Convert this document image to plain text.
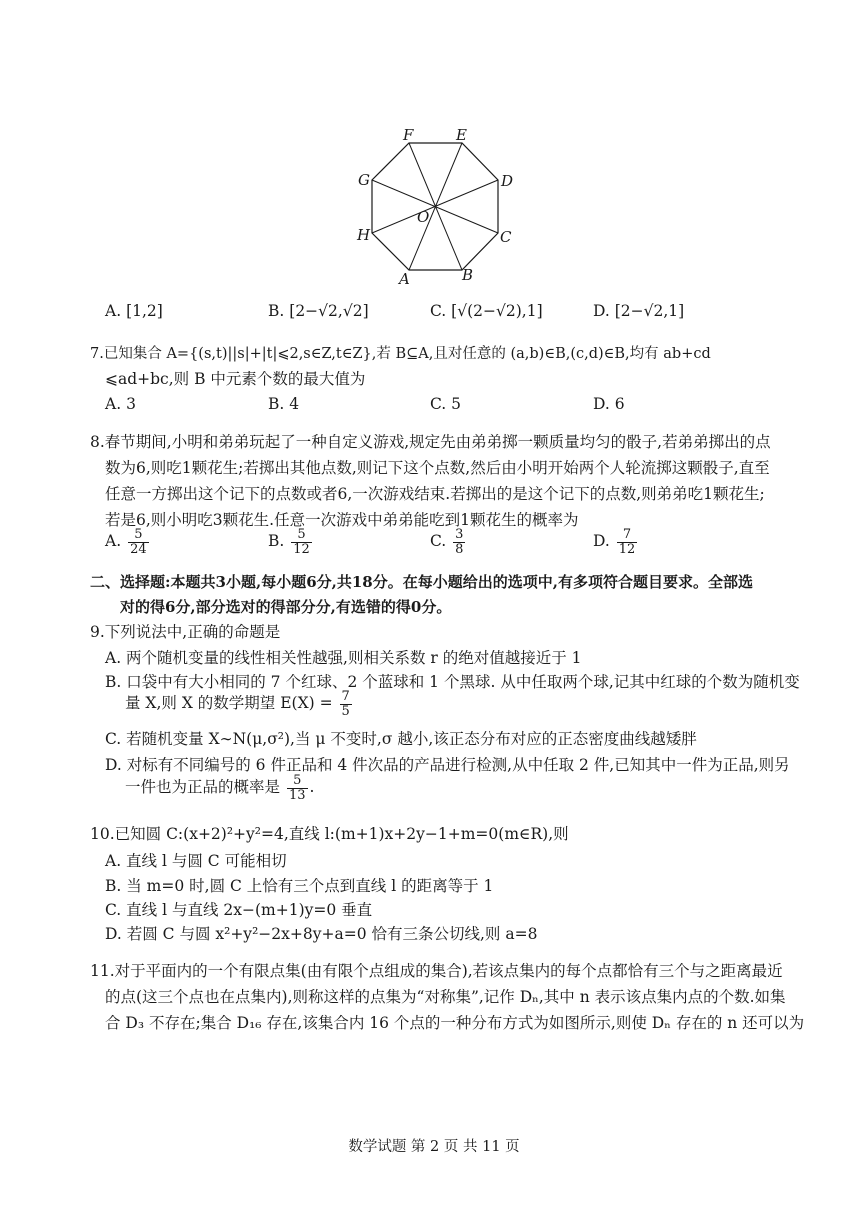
F	E
D
C
B
A
H
G
O
A. [1,2]	B. [2−√2,√2]	C. [√(2−√2),1]	D. [2−√2,1]
7.已知集合 A={(s,t)||s|+|t|⩽2,s∈Z,t∈Z},若 B⊆A,且对任意的 (a,b)∈B,(c,d)∈B,均有 ab+cd
⩽ad+bc,则 B 中元素个数的最大值为
A. 3	B. 4	C. 5	D. 6
8.春节期间,小明和弟弟玩起了一种自定义游戏,规定先由弟弟掷一颗质量均匀的骰子,若弟弟掷出的点
数为6,则吃1颗花生;若掷出其他点数,则记下这个点数,然后由小明开始两个人轮流掷这颗骰子,直至
任意一方掷出这个记下的点数或者6,一次游戏结束.若掷出的是这个记下的点数,则弟弟吃1颗花生;
若是6,则小明吃3颗花生.任意一次游戏中弟弟能吃到1颗花生的概率为
A. $\frac{5}{24}$	B. $\frac{5}{12}$	C. $\frac{3}{8}$	D. $\frac{7}{12}$
二、选择题:本题共3小题,每小题6分,共18分。在每小题给出的选项中,有多项符合题目要求。全部选
对的得6分,部分选对的得部分分,有选错的得0分。
9.下列说法中,正确的命题是
A. 两个随机变量的线性相关性越强,则相关系数 r 的绝对值越接近于 1
B. 口袋中有大小相同的 7 个红球、2 个蓝球和 1 个黑球. 从中任取两个球,记其中红球的个数为随机变
量 X,则 X 的数学期望 $E(X) = \frac{7}{5}$
C. 若随机变量 X∼N(μ,σ²),当 μ 不变时,σ 越小,该正态分布对应的正态密度曲线越矮胖
D. 对标有不同编号的 6 件正品和 4 件次品的产品进行检测,从中任取 2 件,已知其中一件为正品,则另
一件也为正品的概率是 $\frac{5}{13}$ .
10.已知圆 C:(x+2)²+y²=4,直线 l:(m+1)x+2y−1+m=0(m∈R),则
A. 直线 l 与圆 C 可能相切
B. 当 m=0 时,圆 C 上恰有三个点到直线 l 的距离等于 1
C. 直线 l 与直线 2x−(m+1)y=0 垂直
D. 若圆 C 与圆 x²+y²−2x+8y+a=0 恰有三条公切线,则 a=8
11.对于平面内的一个有限点集(由有限个点组成的集合),若该点集内的每个点都恰有三个与之距离最近
的点(这三个点也在点集内),则称这样的点集为“对称集”,记作 Dₙ,其中 n 表示该点集内点的个数.如集
合 D₃ 不存在;集合 D₁₆ 存在,该集合内 16 个点的一种分布方式为如图所示,则使 Dₙ 存在的 n 还可以为
数学试题 第 2 页 共 11 页
